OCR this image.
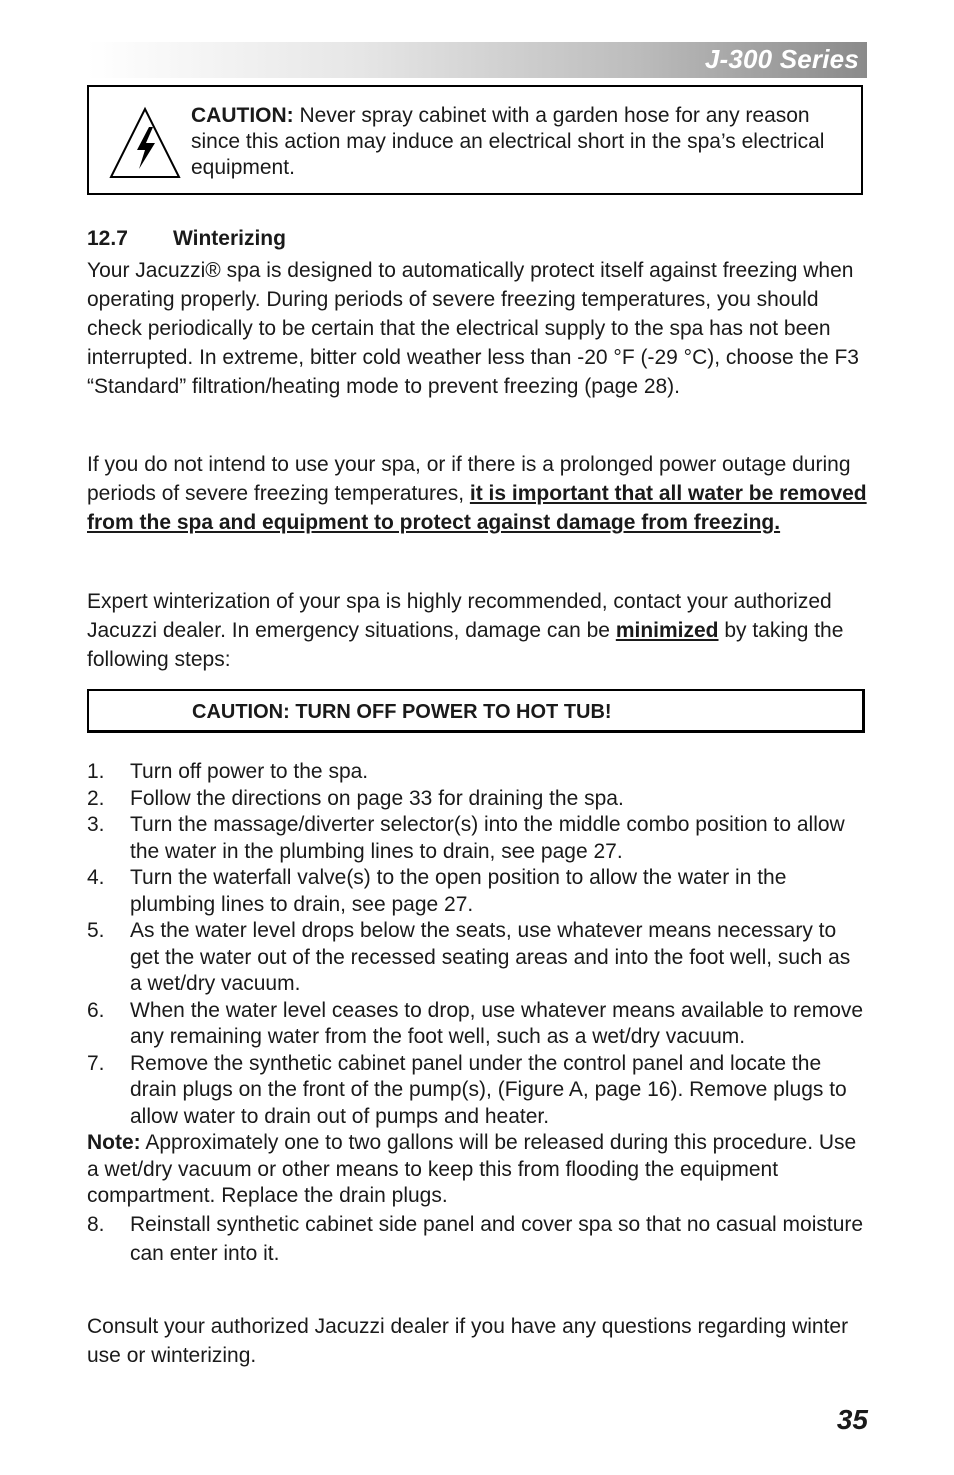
J-300 Series
CAUTION: Never spray cabinet with a garden hose for any reason since this action may induce an electrical short in the spa’s electrical equipment.
12.7 Winterizing

Your Jacuzzi® spa is designed to automatically protect itself against freezing when operating properly. During periods of severe freezing temperatures, you should check periodically to be certain that the electrical supply to the spa has not been interrupted. In extreme, bitter cold weather less than -20 °F (-29 °C), choose the F3 “Standard” filtration/heating mode to prevent freezing (page 28).

If you do not intend to use your spa, or if there is a prolonged power outage during periods of severe freezing temperatures, it is important that all water be removed from the spa and equipment to protect against damage from freezing.

Expert winterization of your spa is highly recommended, contact your authorized Jacuzzi dealer. In emergency situations, damage can be minimized by taking the following steps:

CAUTION: TURN OFF POWER TO HOT TUB!
1.	Turn off power to the spa.
2.	Follow the directions on page 33 for draining the spa.
3.	Turn the massage/diverter selector(s) into the middle combo position to allow the water in the plumbing lines to drain, see page 27.
4.	Turn the waterfall valve(s) to the open position to allow the water in the plumbing lines to drain, see page 27.
5.	As the water level drops below the seats, use whatever means necessary to get the water out of the recessed seating areas and into the foot well, such as a wet/dry vacuum.
6.	When the water level ceases to drop, use whatever means available to remove any remaining water from the foot well, such as a wet/dry vacuum.
7.	Remove the synthetic cabinet panel under the control panel and locate the drain plugs on the front of the pump(s), (Figure A, page 16). Remove plugs to allow water to drain out of pumps and heater.

Note: Approximately one to two gallons will be released during this procedure. Use a wet/dry vacuum or other means to keep this from flooding the equipment compartment. Replace the drain plugs.

8.	Reinstall synthetic cabinet side panel and cover spa so that no casual moisture can enter into it.

Consult your authorized Jacuzzi dealer if you have any questions regarding winter use or winterizing.

35
